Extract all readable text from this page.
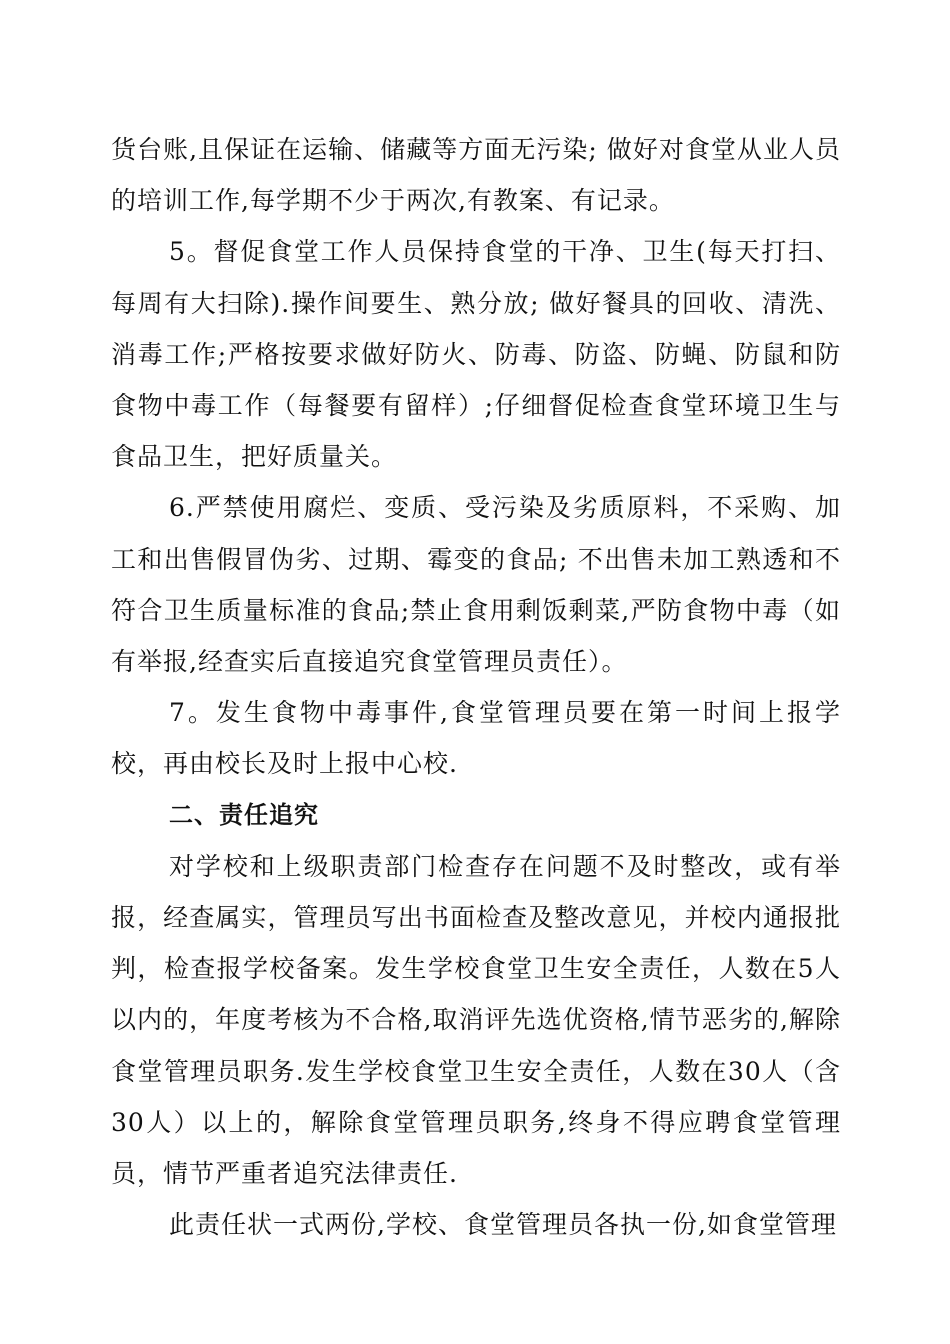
货台账,且保证在运输、储藏等方面无污染; 做好对食堂从业人员的培训工作,每学期不少于两次,有教案、有记录。

5。督促食堂工作人员保持食堂的干净、卫生(每天打扫、每周有大扫除).操作间要生、熟分放; 做好餐具的回收、清洗、消毒工作;严格按要求做好防火、防毒、防盗、防蝇、防鼠和防食物中毒工作（每餐要有留样）;仔细督促检查食堂环境卫生与食品卫生，把好质量关。

6.严禁使用腐烂、变质、受污染及劣质原料，不采购、加工和出售假冒伪劣、过期、霉变的食品; 不出售未加工熟透和不符合卫生质量标准的食品;禁止食用剩饭剩菜,严防食物中毒（如有举报,经查实后直接追究食堂管理员责任）。

7。发生食物中毒事件,食堂管理员要在第一时间上报学校，再由校长及时上报中心校.

二、责任追究

对学校和上级职责部门检查存在问题不及时整改，或有举报，经查属实，管理员写出书面检查及整改意见，并校内通报批判，检查报学校备案。发生学校食堂卫生安全责任，人数在5人以内的，年度考核为不合格,取消评先选优资格,情节恶劣的,解除食堂管理员职务.发生学校食堂卫生安全责任，人数在30人（含30人）以上的，解除食堂管理员职务,终身不得应聘食堂管理员，情节严重者追究法律责任.

此责任状一式两份,学校、食堂管理员各执一份,如食堂管理
